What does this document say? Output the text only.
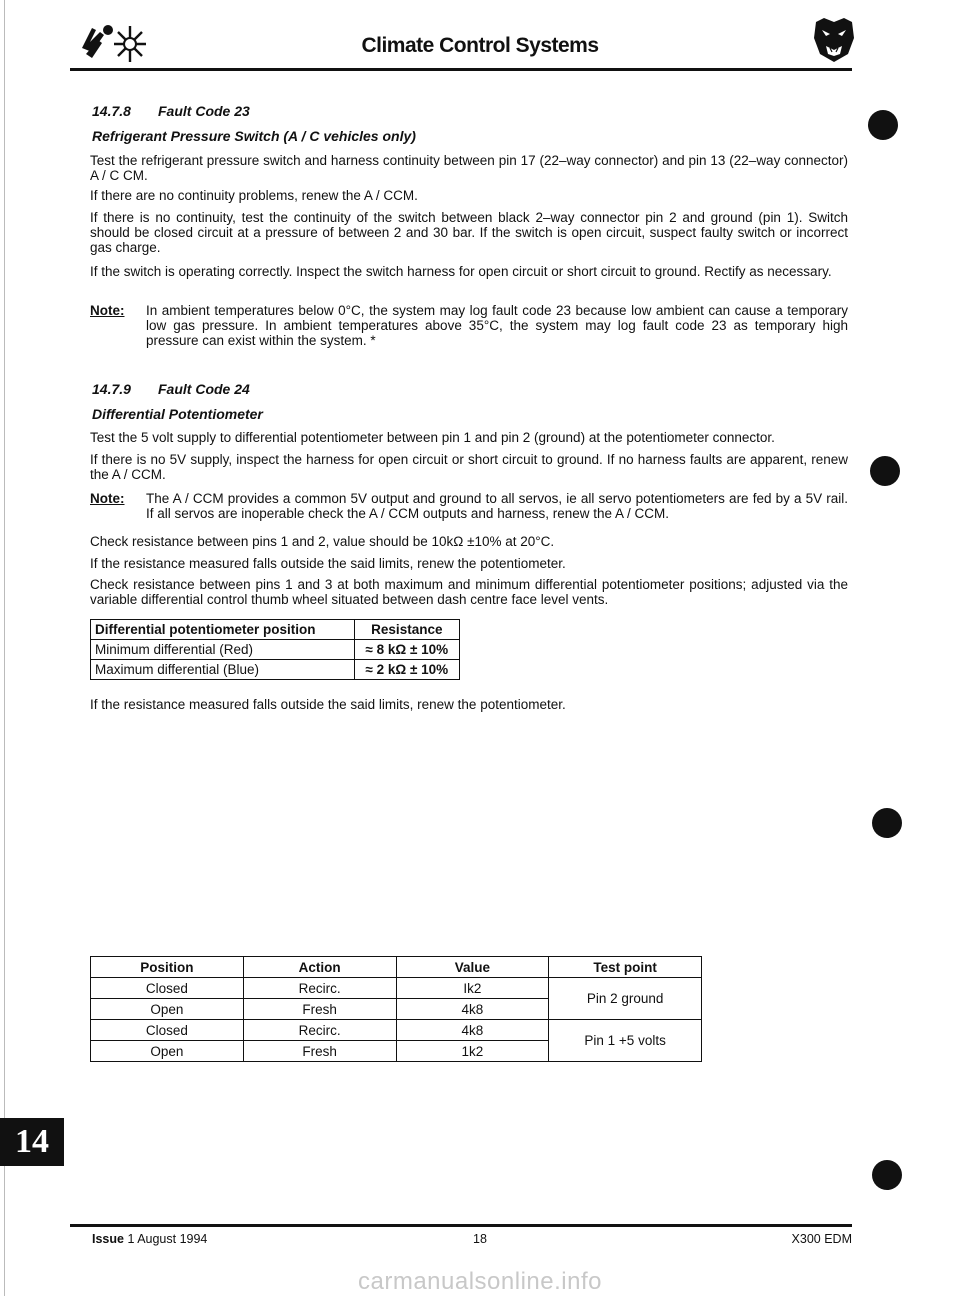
Climate Control Systems
14.7.8 Fault Code 23
Refrigerant Pressure Switch (A / C vehicles only)
Test the refrigerant pressure switch and harness continuity between pin 17 (22–way connector) and pin 13 (22–way connector) A / C CM.
If there are no continuity problems, renew the A / CCM.
If there is no continuity, test the continuity of the switch between black 2–way connector pin 2 and ground (pin 1). Switch should be closed circuit at a pressure of between 2 and 30 bar. If the switch is open circuit, suspect faulty switch or incorrect gas charge.
If the switch is operating correctly. Inspect the switch harness for open circuit or short circuit to ground. Rectify as necessary.
Note: In ambient temperatures below 0°C, the system may log fault code 23 because low ambient can cause a temporary low gas pressure. In ambient temperatures above 35°C, the system may log fault code 23 as temporary high pressure can exist within the system. *
14.7.9 Fault Code 24
Differential Potentiometer
Test the 5 volt supply to differential potentiometer between pin 1 and pin 2 (ground) at the potentiometer connector.
If there is no 5V supply, inspect the harness for open circuit or short circuit to ground. If no harness faults are apparent, renew the A / CCM.
Note: The A / CCM provides a common 5V output and ground to all servos, ie all servo potentiometers are fed by a 5V rail. If all servos are inoperable check the A / CCM outputs and harness, renew the A / CCM.
Check resistance between pins 1 and 2, value should be 10kΩ ±10% at 20°C.
If the resistance measured falls outside the said limits, renew the potentiometer.
Check resistance between pins 1 and 3 at both maximum and minimum differential potentiometer positions; adjusted via the variable differential control thumb wheel situated between dash centre face level vents.
Differential potentiometer position	Resistance
Minimum differential (Red)	≈ 8 kΩ ± 10%
Maximum differential (Blue)	≈ 2 kΩ ± 10%
If the resistance measured falls outside the said limits, renew the potentiometer.
Position	Action	Value	Test point
Closed	Recirc.	Ik2	Pin 2 ground
Open	Fresh	4k8	
Closed	Recirc.	4k8	Pin 1 +5 volts
Open	Fresh	1k2	
14
Issue 1 August 1994	18	X300 EDM
carmanualsonline.info
